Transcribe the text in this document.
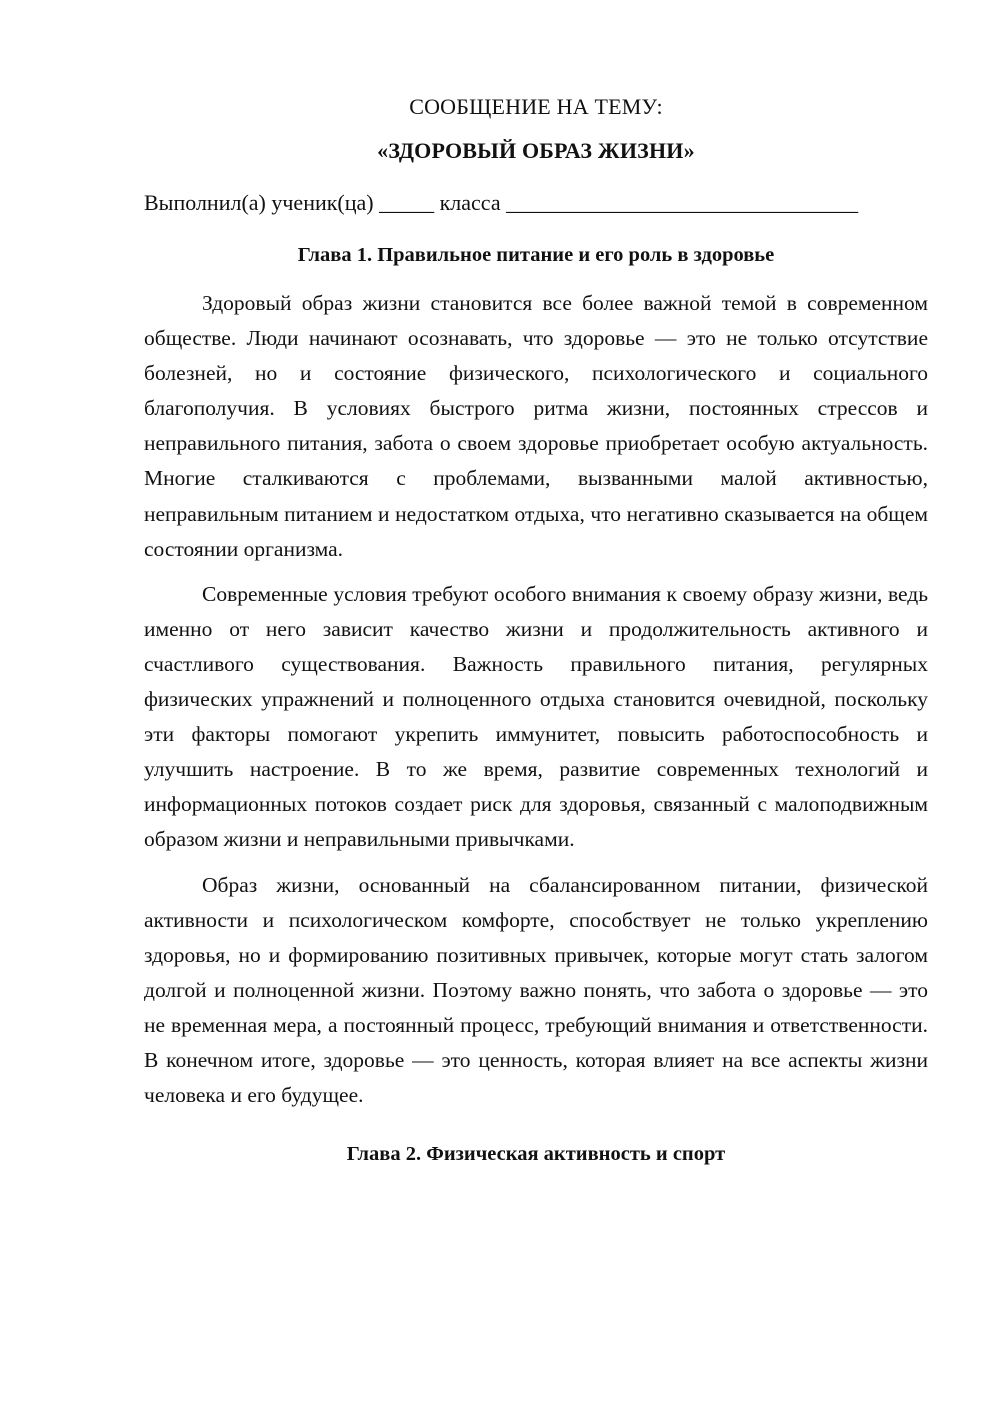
СООБЩЕНИЕ НА ТЕМУ:

«ЗДОРОВЫЙ ОБРАЗ ЖИЗНИ»

Выполнил(а) ученик(ца) _____ класса ________________________________
Глава 1. Правильное питание и его роль в здоровье

Здоровый образ жизни становится все более важной темой в современном обществе. Люди начинают осознавать, что здоровье — это не только отсутствие болезней, но и состояние физического, психологического и социального благополучия. В условиях быстрого ритма жизни, постоянных стрессов и неправильного питания, забота о своем здоровье приобретает особую актуальность. Многие сталкиваются с проблемами, вызванными малой активностью, неправильным питанием и недостатком отдыха, что негативно сказывается на общем состоянии организма.

Современные условия требуют особого внимания к своему образу жизни, ведь именно от него зависит качество жизни и продолжительность активного и счастливого существования. Важность правильного питания, регулярных физических упражнений и полноценного отдыха становится очевидной, поскольку эти факторы помогают укрепить иммунитет, повысить работоспособность и улучшить настроение. В то же время, развитие современных технологий и информационных потоков создает риск для здоровья, связанный с малоподвижным образом жизни и неправильными привычками.

Образ жизни, основанный на сбалансированном питании, физической активности и психологическом комфорте, способствует не только укреплению здоровья, но и формированию позитивных привычек, которые могут стать залогом долгой и полноценной жизни. Поэтому важно понять, что забота о здоровье — это не временная мера, а постоянный процесс, требующий внимания и ответственности. В конечном итоге, здоровье — это ценность, которая влияет на все аспекты жизни человека и его будущее.

Глава 2. Физическая активность и спорт
